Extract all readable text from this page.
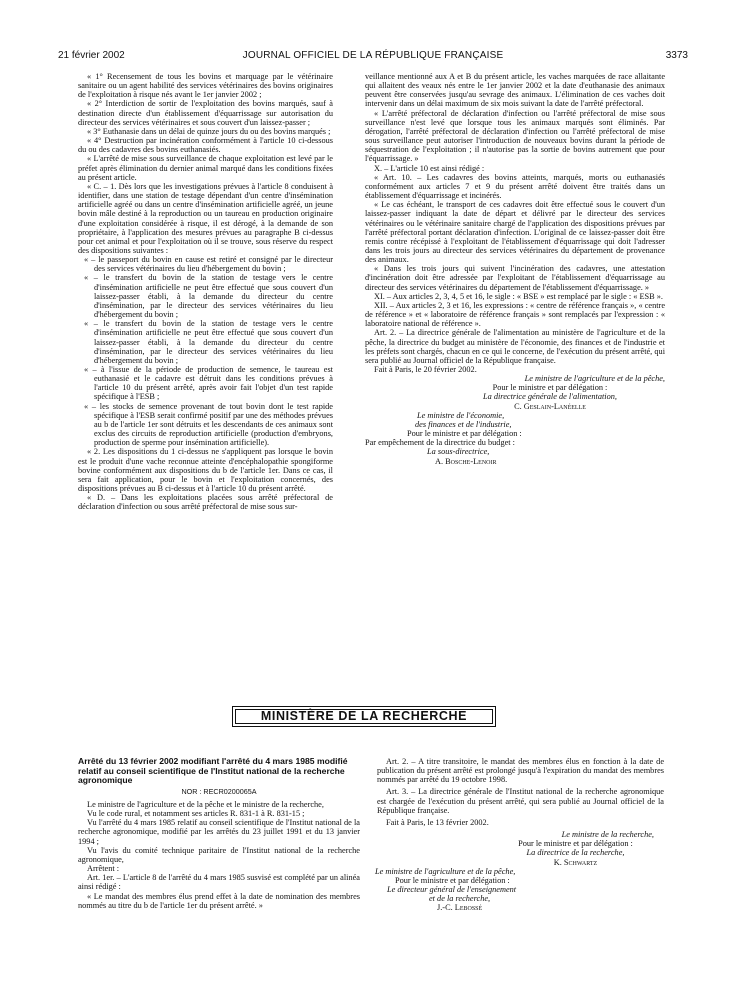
21 février 2002	JOURNAL OFFICIEL DE LA RÉPUBLIQUE FRANÇAISE	3373

« 1° Recensement de tous les bovins et marquage par le vétérinaire sanitaire ou un agent habilité des services vétérinaires des bovins originaires de l'exploitation à risque nés avant le 1er janvier 2002 ;

« 2° Interdiction de sortir de l'exploitation des bovins marqués, sauf à destination directe d'un établissement d'équarrissage sur autorisation du directeur des services vétérinaires et sous couvert d'un laissez-passer ;

« 3° Euthanasie dans un délai de quinze jours du ou des bovins marqués ;

« 4° Destruction par incinération conformément à l'article 10 ci-dessous du ou des cadavres des bovins euthanasiés.

« L'arrêté de mise sous surveillance de chaque exploitation est levé par le préfet après élimination du dernier animal marqué dans les conditions fixées au présent article.

« C. – 1. Dès lors que les investigations prévues à l'article 8 conduisent à identifier, dans une station de testage dépendant d'un centre d'insémination artificielle agréé ou dans un centre d'insémination artificielle agréé, un jeune bovin mâle destiné à la reproduction ou un taureau en production originaire d'une exploitation considérée à risque, il est dérogé, à la demande de son propriétaire, à l'application des mesures prévues au paragraphe B ci-dessus pour cet animal et pour l'exploitation où il se trouve, sous réserve du respect des dispositions suivantes :

« – le passeport du bovin en cause est retiré et consigné par le directeur des services vétérinaires du lieu d'hébergement du bovin ;

« – le transfert du bovin de la station de testage vers le centre d'insémination artificielle ne peut être effectué que sous couvert d'un laissez-passer établi, à la demande du directeur du centre d'insémination, par le directeur des services vétérinaires du lieu d'hébergement du bovin ;

« – le transfert du bovin de la station de testage vers le centre d'insémination artificielle ne peut être effectué que sous couvert d'un laissez-passer établi, à la demande du directeur du centre d'insémination, par le directeur des services vétérinaires du lieu d'hébergement du bovin ;

« – à l'issue de la période de production de semence, le taureau est euthanasié et le cadavre est détruit dans les conditions prévues à l'article 10 du présent arrêté, après avoir fait l'objet d'un test rapide spécifique à l'ESB ;

« – les stocks de semence provenant de tout bovin dont le test rapide spécifique à l'ESB serait confirmé positif par une des méthodes prévues au b de l'article 1er sont détruits et les descendants de ces animaux sont exclus des circuits de reproduction artificielle (production d'embryons, production de sperme pour insémination artificielle).

« 2. Les dispositions du 1 ci-dessus ne s'appliquent pas lorsque le bovin est le produit d'une vache reconnue atteinte d'encéphalopathie spongiforme bovine conformément aux dispositions du b de l'article 1er. Dans ce cas, il sera fait application, pour le bovin et l'exploitation concernés, des dispositions prévues au B ci-dessus et à l'article 10 du présent arrêté.

« D. – Dans les exploitations placées sous arrêté préfectoral de déclaration d'infection ou sous arrêté préfectoral de mise sous sur-

veillance mentionné aux A et B du présent article, les vaches marquées de race allaitante qui allaitent des veaux nés entre le 1er janvier 2002 et la date d'euthanasie des animaux peuvent être conservées jusqu'au sevrage des animaux. L'élimination de ces vaches doit intervenir dans un délai maximum de six mois suivant la date de l'arrêté préfectoral.

« L'arrêté préfectoral de déclaration d'infection ou l'arrêté préfectoral de mise sous surveillance n'est levé que lorsque tous les animaux marqués sont éliminés. Par dérogation, l'arrêté préfectoral de déclaration d'infection ou l'arrêté préfectoral de mise sous surveillance peut autoriser l'introduction de nouveaux bovins durant la période de séquestration de l'exploitation ; il n'autorise pas la sortie de bovins autrement que pour l'équarrissage. »

X. – L'article 10 est ainsi rédigé :

« Art. 10. – Les cadavres des bovins atteints, marqués, morts ou euthanasiés conformément aux articles 7 et 9 du présent arrêté doivent être traités dans un établissement d'équarrissage et incinérés.

« Le cas échéant, le transport de ces cadavres doit être effectué sous le couvert d'un laissez-passer indiquant la date de départ et délivré par le directeur des services vétérinaires ou le vétérinaire sanitaire chargé de l'application des dispositions prévues par l'arrêté préfectoral portant déclaration d'infection. L'original de ce laissez-passer doit être remis contre récépissé à l'exploitant de l'établissement d'équarrissage qui doit l'adresser dans les trois jours au directeur des services vétérinaires du département de provenance des animaux.

« Dans les trois jours qui suivent l'incinération des cadavres, une attestation d'incinération doit être adressée par l'exploitant de l'établissement d'équarrissage au directeur des services vétérinaires du département de l'établissement d'équarrissage. »

XI. – Aux articles 2, 3, 4, 5 et 16, le sigle : « BSE » est remplacé par le sigle : « ESB ».

XII. – Aux articles 2, 3 et 16, les expressions : « centre de référence français », « centre de référence » et « laboratoire de référence français » sont remplacés par l'expression : « laboratoire national de référence ».

Art. 2. – La directrice générale de l'alimentation au ministère de l'agriculture et de la pêche, la directrice du budget au ministère de l'économie, des finances et de l'industrie et les préfets sont chargés, chacun en ce qui le concerne, de l'exécution du présent arrêté, qui sera publié au Journal officiel de la République française.

Fait à Paris, le 20 février 2002.

Le ministre de l'agriculture et de la pêche,

Pour le ministre et par délégation :

La directrice générale de l'alimentation,

C. Geslain-Lanéelle

Le ministre de l'économie,

des finances et de l'industrie,

Pour le ministre et par délégation :

Par empêchement de la directrice du budget :

La sous-directrice,

A. Bosche-Lenoir

MINISTÈRE DE LA RECHERCHE

Arrêté du 13 février 2002 modifiant l'arrêté du 4 mars 1985 modifié relatif au conseil scientifique de l'Institut national de la recherche agronomique

NOR : RECR0200065A

Le ministre de l'agriculture et de la pêche et le ministre de la recherche,

Vu le code rural, et notamment ses articles R. 831-1 à R. 831-15 ;

Vu l'arrêté du 4 mars 1985 relatif au conseil scientifique de l'Institut national de la recherche agronomique, modifié par les arrêtés du 23 juillet 1991 et du 13 janvier 1994 ;

Vu l'avis du comité technique paritaire de l'Institut national de la recherche agronomique,

Arrêtent :

Art. 1er. – L'article 8 de l'arrêté du 4 mars 1985 susvisé est complété par un alinéa ainsi rédigé :

« Le mandat des membres élus prend effet à la date de nomination des membres nommés au titre du b de l'article 1er du présent arrêté. »

Art. 2. – A titre transitoire, le mandat des membres élus en fonction à la date de publication du présent arrêté est prolongé jusqu'à l'expiration du mandat des membres nommés par arrêté du 19 octobre 1998.

Art. 3. – La directrice générale de l'Institut national de la recherche agronomique est chargée de l'exécution du présent arrêté, qui sera publié au Journal officiel de la République française.

Fait à Paris, le 13 février 2002.

Le ministre de la recherche,

Pour le ministre et par délégation :

La directrice de la recherche,

K. Schwartz

Le ministre de l'agriculture et de la pêche,

Pour le ministre et par délégation :

Le directeur général de l'enseignement

et de la recherche,

J.-C. Lebossé
